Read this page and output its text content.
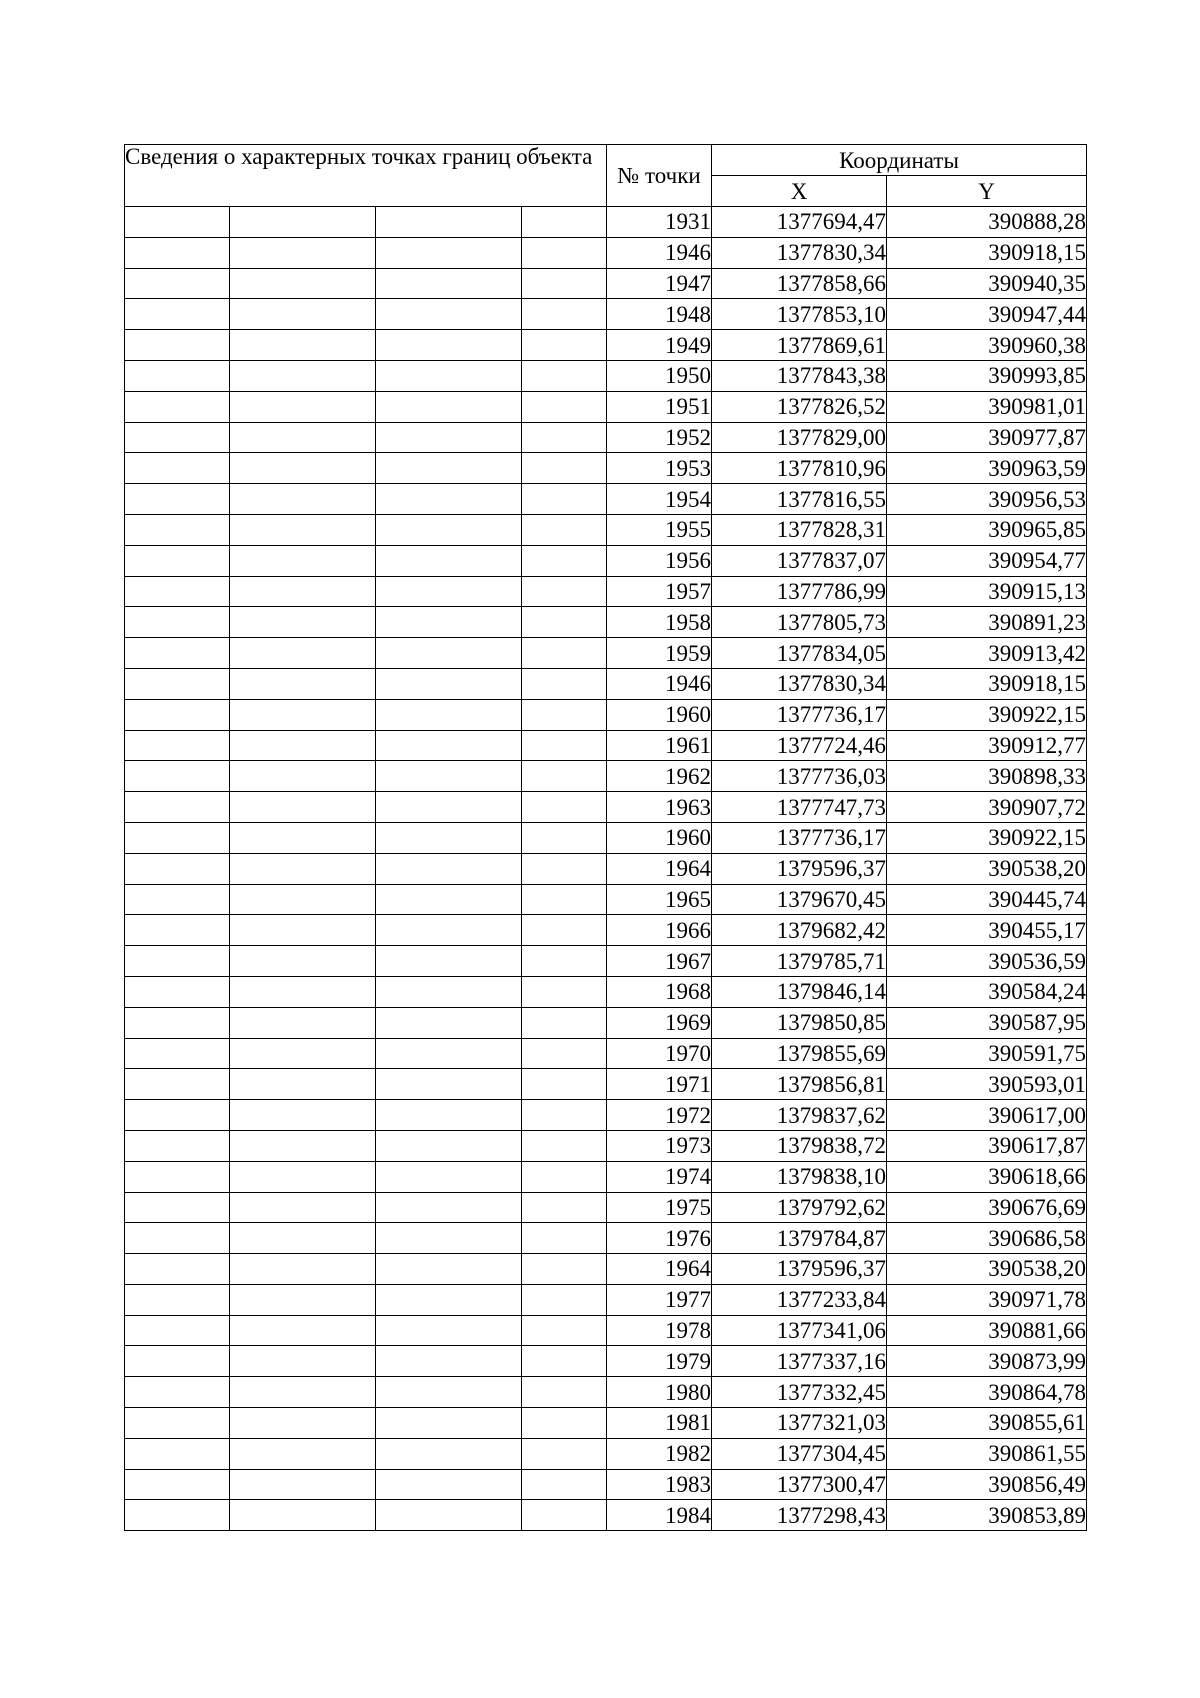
Сведения о характерных точках границ объекта				№ точки	Координаты	
					X	Y
				1931	1377694,47	390888,28
				1946	1377830,34	390918,15
				1947	1377858,66	390940,35
				1948	1377853,10	390947,44
				1949	1377869,61	390960,38
				1950	1377843,38	390993,85
				1951	1377826,52	390981,01
				1952	1377829,00	390977,87
				1953	1377810,96	390963,59
				1954	1377816,55	390956,53
				1955	1377828,31	390965,85
				1956	1377837,07	390954,77
				1957	1377786,99	390915,13
				1958	1377805,73	390891,23
				1959	1377834,05	390913,42
				1946	1377830,34	390918,15
				1960	1377736,17	390922,15
				1961	1377724,46	390912,77
				1962	1377736,03	390898,33
				1963	1377747,73	390907,72
				1960	1377736,17	390922,15
				1964	1379596,37	390538,20
				1965	1379670,45	390445,74
				1966	1379682,42	390455,17
				1967	1379785,71	390536,59
				1968	1379846,14	390584,24
				1969	1379850,85	390587,95
				1970	1379855,69	390591,75
				1971	1379856,81	390593,01
				1972	1379837,62	390617,00
				1973	1379838,72	390617,87
				1974	1379838,10	390618,66
				1975	1379792,62	390676,69
				1976	1379784,87	390686,58
				1964	1379596,37	390538,20
				1977	1377233,84	390971,78
				1978	1377341,06	390881,66
				1979	1377337,16	390873,99
				1980	1377332,45	390864,78
				1981	1377321,03	390855,61
				1982	1377304,45	390861,55
				1983	1377300,47	390856,49
				1984	1377298,43	390853,89
